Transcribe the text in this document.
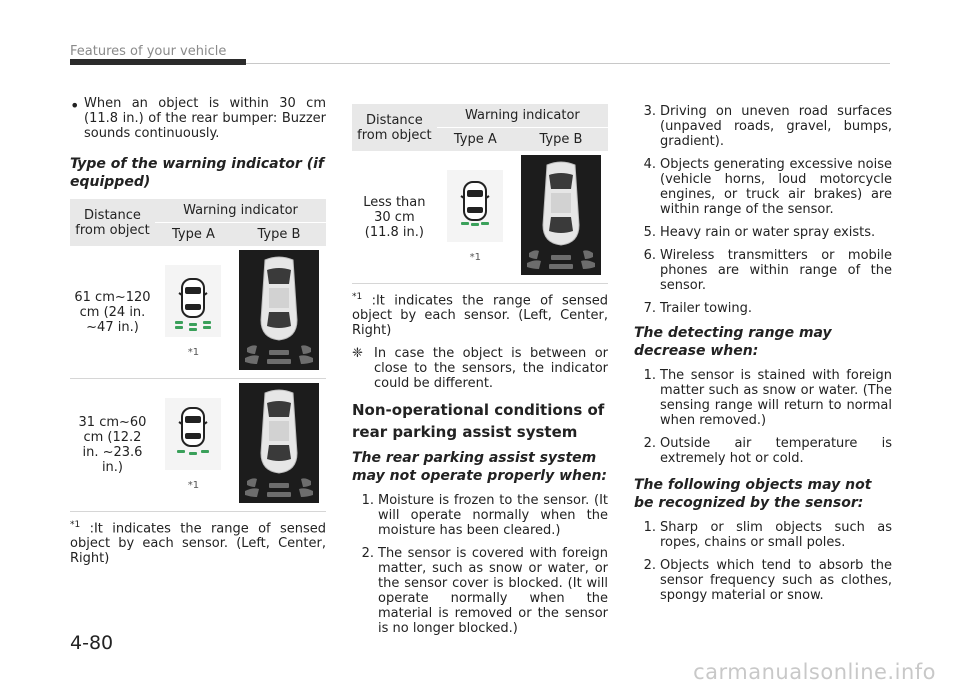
Features of your vehicle
• When an object is within 30 cm (11.8 in.) of the rear bumper: Buzzer sounds continuously.

Type of the warning indicator (if equipped)
Distance from object	Warning indicator	
	Type A	Type B
61 cm~120 cm (24 in. ~47 in.)	*1

31 cm~60 cm (12.2 in. ~23.6 in.)	*1

$^{*1}$ :It indicates the range of sensed object by each sensor. (Left, Center, Right)

Distance from object	Warning indicator	
	Type A	Type B
Less than 30 cm (11.8 in.)	*1

$^{*1}$ :It indicates the range of sensed object by each sensor. (Left, Center, Right)

❈ In case the object is between or close to the sensors, the indicator could be different.
Non-operational conditions of rear parking assist system
The rear parking assist system may not operate properly when:
1. Moisture is frozen to the sensor. (It will operate normally when the moisture has been cleared.)
2. The sensor is covered with foreign matter, such as snow or water, or the sensor cover is blocked. (It will operate normally when the material is removed or the sensor is no longer blocked.)
3. Driving on uneven road surfaces (unpaved roads, gravel, bumps, gradient).
4. Objects generating excessive noise (vehicle horns, loud motorcycle engines, or truck air brakes) are within range of the sensor.
5. Heavy rain or water spray exists.
6. Wireless transmitters or mobile phones are within range of the sensor.
7. Trailer towing.
The detecting range may decrease when:
1. The sensor is stained with foreign matter such as snow or water. (The sensing range will return to normal when removed.)
2. Outside air temperature is extremely hot or cold.
The following objects may not be recognized by the sensor:
1. Sharp or slim objects such as ropes, chains or small poles.
2. Objects which tend to absorb the sensor frequency such as clothes, spongy material or snow.
4-80
carmanualsonline.info
